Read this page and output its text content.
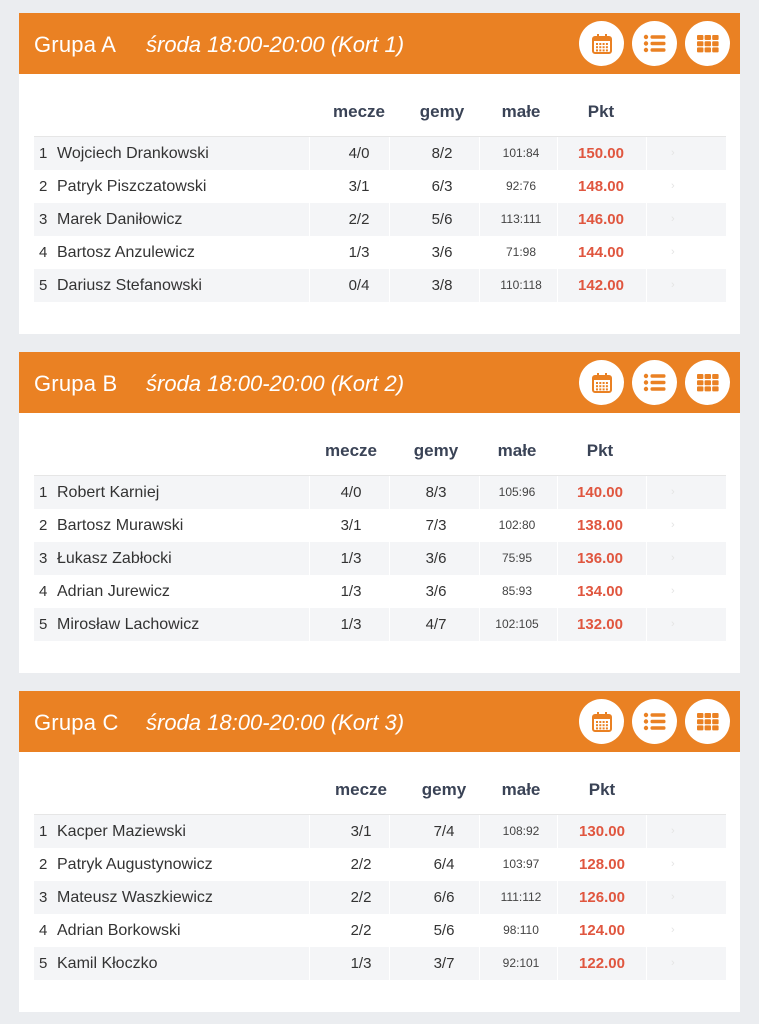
Grupa A środa 18:00-20:00 (Kort 1)
mecze gemy małe	Pkt
1 Wojciech Drankowski	4/0	8/2	101:84	150.00	›
2 Patryk Piszczatowski	3/1	6/3	92:76	148.00	›
3 Marek Daniłowicz	2/2	5/6	113:111 146.00	›
4 Bartosz Anzulewicz	1/3	3/6	71:98	144.00	›
5 Dariusz Stefanowski	0/4	3/8	110:118 142.00	›
Grupa B środa 18:00-20:00 (Kort 2)
mecze gemy małe	Pkt
1 Robert Karniej	4/0	8/3	105:96	140.00	›
2 Bartosz Murawski	3/1	7/3	102:80	138.00	›
3 Łukasz Zabłocki	1/3	3/6	75:95	136.00	›
4 Adrian Jurewicz	1/3	3/6	85:93	134.00	›
5 Mirosław Lachowicz	1/3	4/7	102:105	132.00	›
Grupa C środa 18:00-20:00 (Kort 3)
mecze gemy małe	Pkt
1 Kacper Maziewski	3/1	7/4	108:92	130.00	›
2 Patryk Augustynowicz	2/2	6/4	103:97	128.00	›
3 Mateusz Waszkiewicz	2/2	6/6	111:112	126.00	›
4 Adrian Borkowski	2/2	5/6	98:110	124.00	›
5 Kamil Kłoczko	1/3	3/7	92:101	122.00	›
